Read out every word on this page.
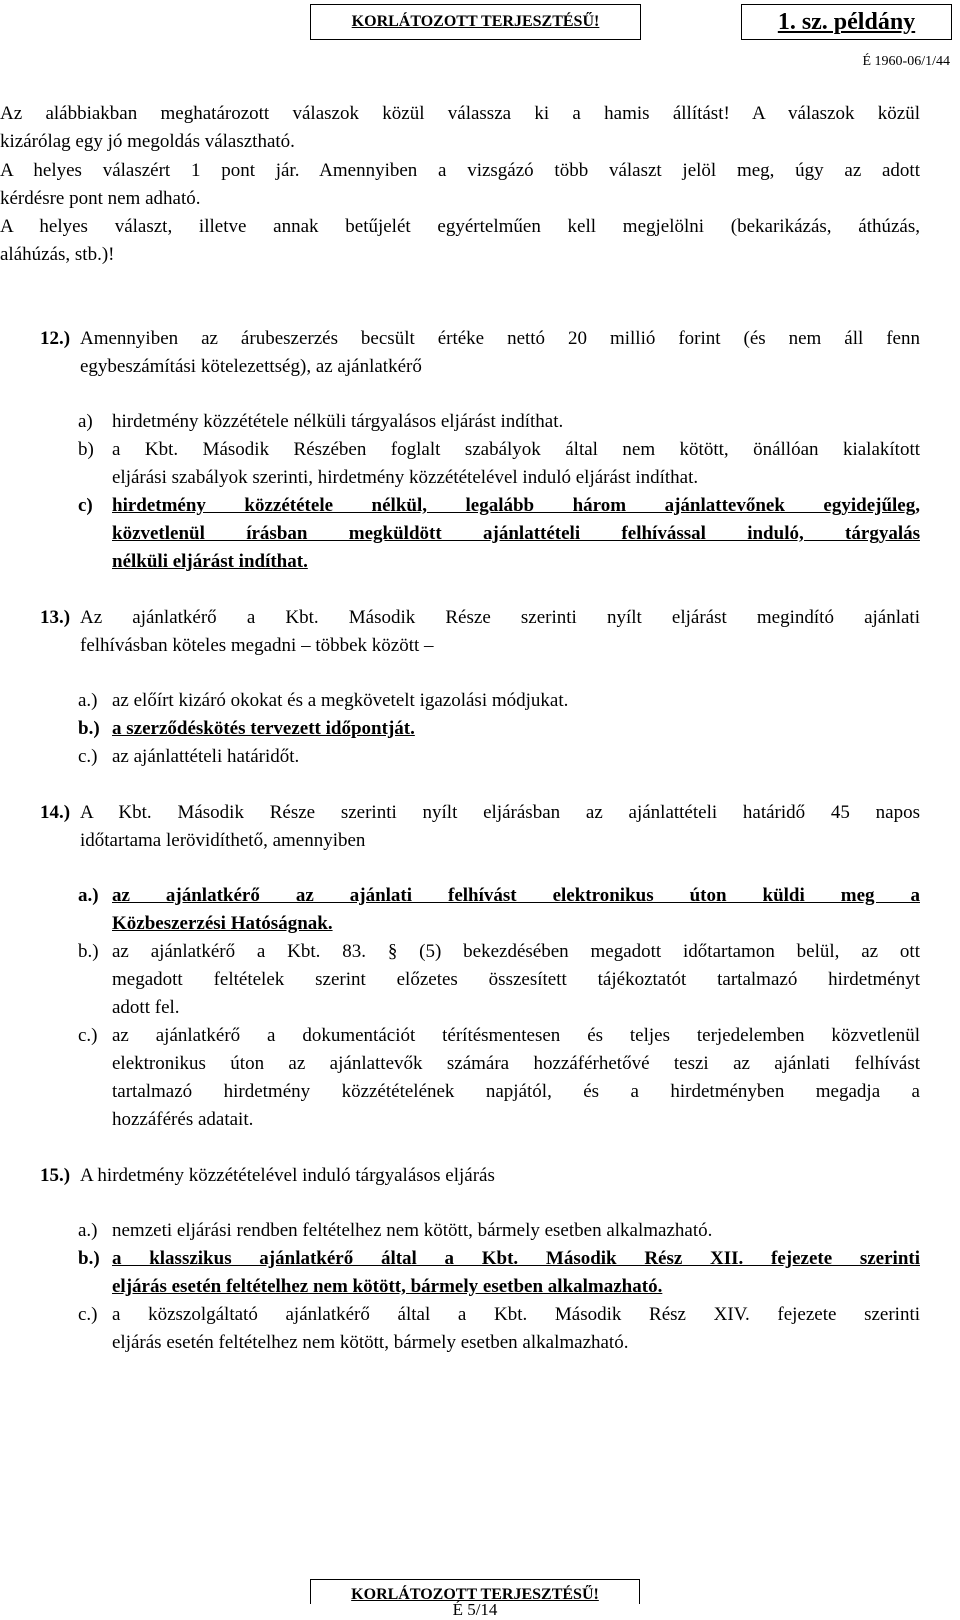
KORLÁTOZOTT TERJESZTÉSŰ!	1. sz. példány
É 1960-06/1/44
Az alábbiakban meghatározott válaszok közül válassza ki a hamis állítást! A válaszok közül
kizárólag egy jó megoldás választható.
A helyes válaszért 1 pont jár. Amennyiben a vizsgázó több választ jelöl meg, úgy az adott
kérdésre pont nem adható.
A helyes választ, illetve annak betűjelét egyértelműen kell megjelölni (bekarikázás, áthúzás,
aláhúzás, stb.)!
12.) Amennyiben az árubeszerzés becsült értéke nettó 20 millió forint (és nem áll fenn
egybeszámítási kötelezettség), az ajánlatkérő
a) hirdetmény közzététele nélküli tárgyalásos eljárást indíthat.
b) a Kbt. Második Részében foglalt szabályok által nem kötött, önállóan kialakított
eljárási szabályok szerinti, hirdetmény közzétételével induló eljárást indíthat.
c) hirdetmény közzététele nélkül, legalább három ajánlattevőnek egyidejűleg,
közvetlenül írásban megküldött ajánlattételi felhívással induló, tárgyalás
nélküli eljárást indíthat.
13.) Az ajánlatkérő a Kbt. Második Része szerinti nyílt eljárást megindító ajánlati
felhívásban köteles megadni – többek között –
a.) az előírt kizáró okokat és a megkövetelt igazolási módjukat.
b.) a szerződéskötés tervezett időpontját.
c.) az ajánlattételi határidőt.
14.) A Kbt. Második Része szerinti nyílt eljárásban az ajánlattételi határidő 45 napos
időtartama lerövidíthető, amennyiben
a.) az ajánlatkérő az ajánlati felhívást elektronikus úton küldi meg a
Közbeszerzési Hatóságnak.
b.) az ajánlatkérő a Kbt. 83. § (5) bekezdésében megadott időtartamon belül, az ott
megadott feltételek szerint előzetes összesített tájékoztatót tartalmazó hirdetményt
adott fel.
c.) az ajánlatkérő a dokumentációt térítésmentesen és teljes terjedelemben közvetlenül
elektronikus úton az ajánlattevők számára hozzáférhetővé teszi az ajánlati felhívást
tartalmazó hirdetmény közzétételének napjától, és a hirdetményben megadja a
hozzáférés adatait.
15.) A hirdetmény közzétételével induló tárgyalásos eljárás
a.) nemzeti eljárási rendben feltételhez nem kötött, bármely esetben alkalmazható.
b.) a klasszikus ajánlatkérő által a Kbt. Második Rész XII. fejezete szerinti
eljárás esetén feltételhez nem kötött, bármely esetben alkalmazható.
c.) a közszolgáltató ajánlatkérő által a Kbt. Második Rész XIV. fejezete szerinti
eljárás esetén feltételhez nem kötött, bármely esetben alkalmazható.
KORLÁTOZOTT TERJESZTÉSŰ!
É 5/14
